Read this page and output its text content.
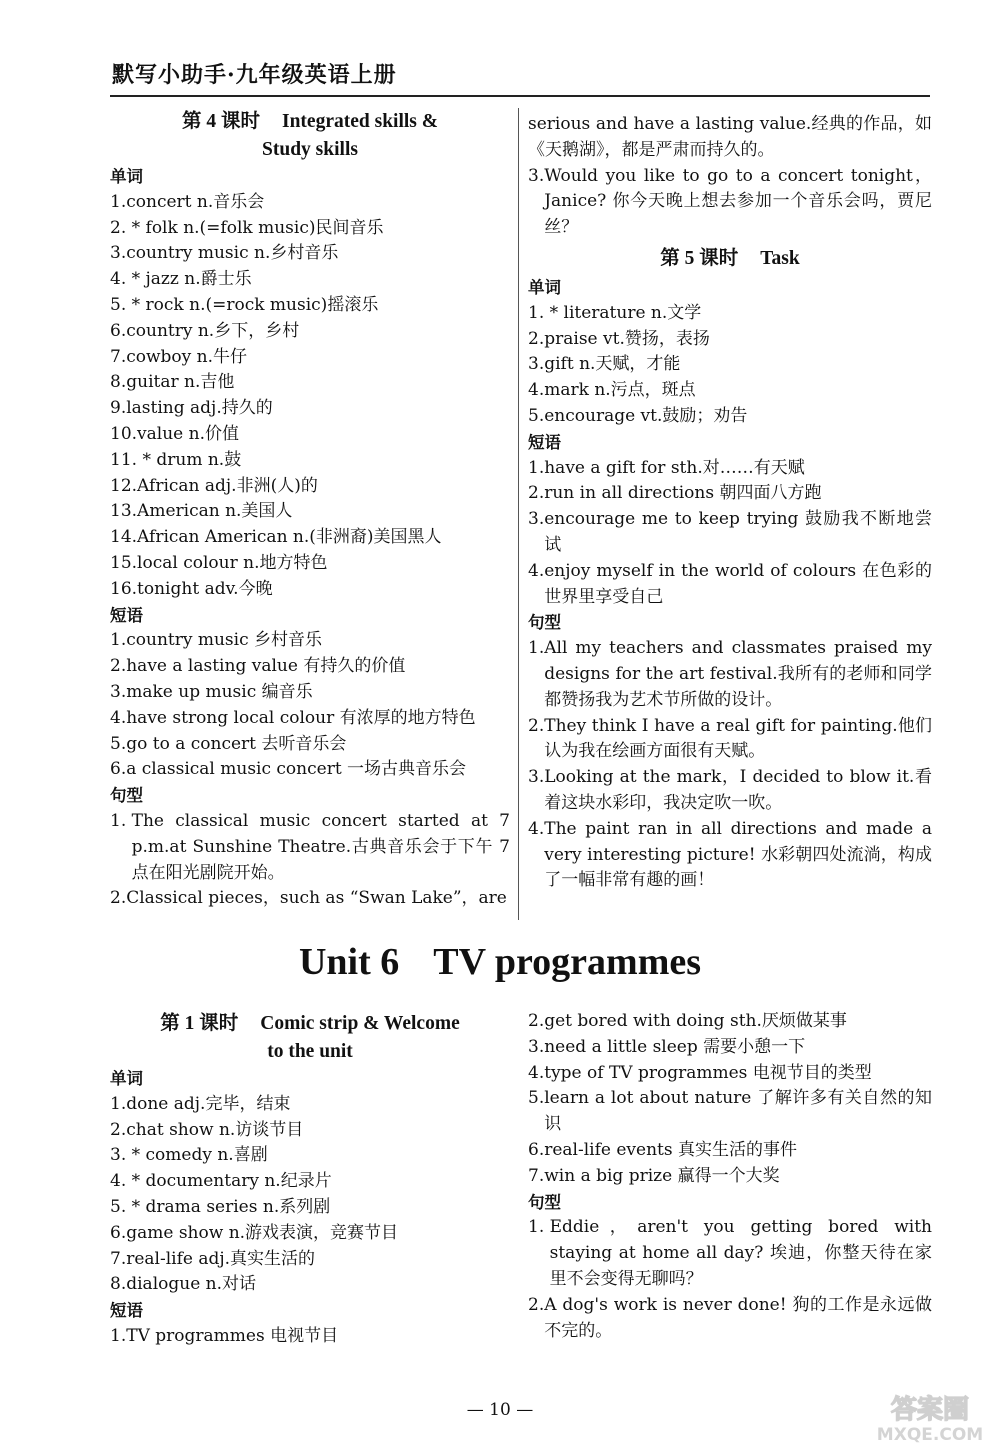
默写小助手·九年级英语上册
第 4 课时 Integrated skills &
Study skills
单词
1. concert n.音乐会
2. * folk n.(=folk music)民间音乐
3. country music n.乡村音乐
4. * jazz n.爵士乐
5. * rock n.(=rock music)摇滚乐
6. country n.乡下，乡村
7. cowboy n.牛仔
8. guitar n.吉他
9. lasting adj.持久的
10. value n.价值
11. * drum n.鼓
12. African adj.非洲(人)的
13. American n.美国人
14. African American n.(非洲裔)美国黑人
15. local colour n.地方特色
16. tonight adv.今晚
短语
1. country music 乡村音乐
2. have a lasting value 有持久的价值
3. make up music 编音乐
4. have strong local colour 有浓厚的地方特色
5. go to a concert 去听音乐会
6. a classical music concert 一场古典音乐会
句型
1. The classical music concert started at 7 p.m.at Sunshine Theatre.古典音乐会于下午 7 点在阳光剧院开始。
2. Classical pieces，such as “Swan Lake”，are
serious and have a lasting value.经典的作品，如《天鹅湖》，都是严肃而持久的。
3. Would you like to go to a concert tonight，Janice? 你今天晚上想去参加一个音乐会吗，贾尼丝？
第 5 课时 Task
单词
1. * literature n.文学
2. praise vt.赞扬，表扬
3. gift n.天赋，才能
4. mark n.污点，斑点
5. encourage vt.鼓励；劝告
短语
1. have a gift for sth.对……有天赋
2. run in all directions 朝四面八方跑
3. encourage me to keep trying 鼓励我不断地尝试
4. enjoy myself in the world of colours 在色彩的世界里享受自己
句型
1. All my teachers and classmates praised my designs for the art festival.我所有的老师和同学都赞扬我为艺术节所做的设计。
2. They think I have a real gift for painting.他们认为我在绘画方面很有天赋。
3. Looking at the mark，I decided to blow it.看着这块水彩印，我决定吹一吹。
4. The paint ran in all directions and made a very interesting picture! 水彩朝四处流淌，构成了一幅非常有趣的画！
Unit 6 TV programmes
第 1 课时 Comic strip & Welcome
to the unit
单词
1. done adj.完毕，结束
2. chat show n.访谈节目
3. * comedy n.喜剧
4. * documentary n.纪录片
5. * drama series n.系列剧
6. game show n.游戏表演，竞赛节目
7. real-life adj.真实生活的
8. dialogue n.对话
短语
1. TV programmes 电视节目
2. get bored with doing sth.厌烦做某事
3. need a little sleep 需要小憩一下
4. type of TV programmes 电视节目的类型
5. learn a lot about nature 了解许多有关自然的知识
6. real-life events 真实生活的事件
7. win a big prize 赢得一个大奖
句型
1. Eddie，aren't you getting bored with staying at home all day? 埃迪，你整天待在家里不会变得无聊吗？
2. A dog's work is never done! 狗的工作是永远做不完的。
— 10 —	答案圈
MXQE.COM
